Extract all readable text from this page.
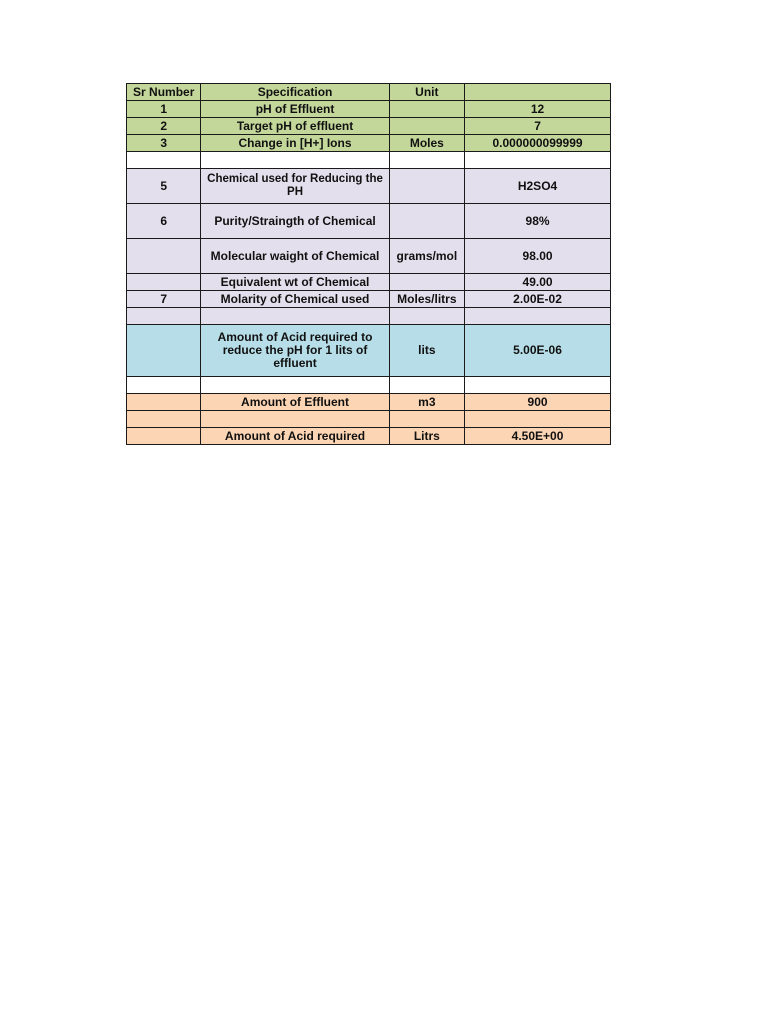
Sr Number	Specification	Unit	
1	pH of Effluent		12
2	Target pH of effluent		7
3	Change in [H+] Ions	Moles	0.000000099999

5	Chemical used for Reducing the PH		H2SO4
6	Purity/Straingth of Chemical		98%
	Molecular waight of Chemical	grams/mol	98.00
	Equivalent wt of Chemical		49.00
7	Molarity of Chemical used	Moles/litrs	2.00E-02

	Amount of Acid required to reduce the pH for 1 lits of effluent	lits	5.00E-06

	Amount of Effluent	m3	900

	Amount of Acid required	Litrs	4.50E+00
